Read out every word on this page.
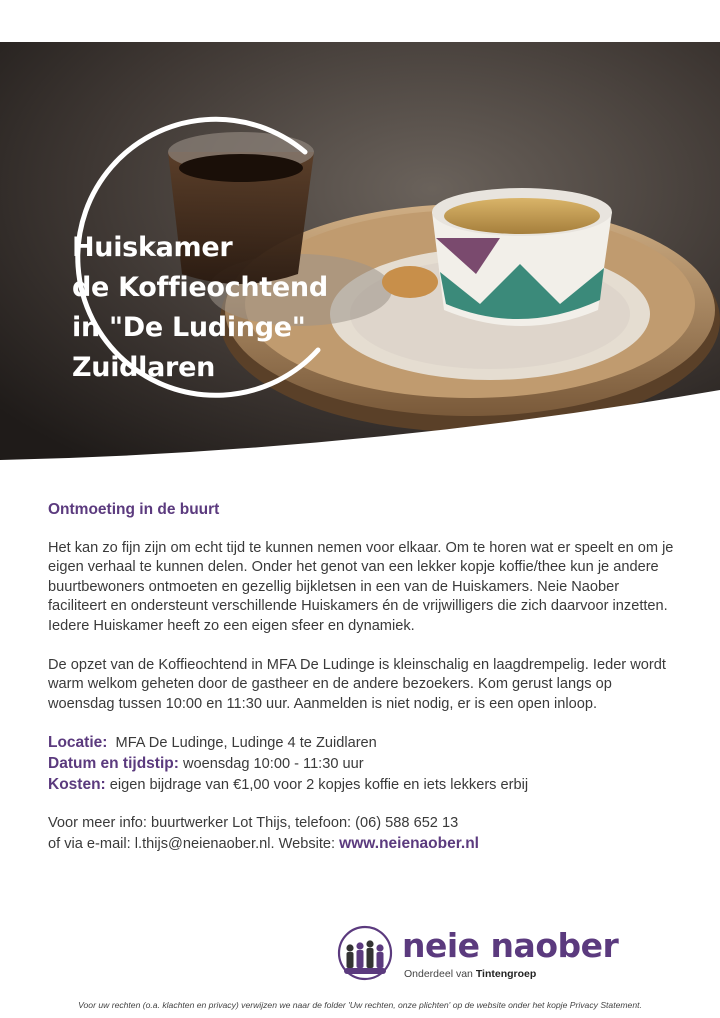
Huiskamer
de Koffieochtend
in "De Ludinge"
Zuidlaren
Ontmoeting in de buurt
Het kan zo fijn zijn om echt tijd te kunnen nemen voor elkaar. Om te horen wat er speelt en om je eigen verhaal te kunnen delen. Onder het genot van een lekker kopje koffie/thee kun je andere buurtbewoners ontmoeten en gezellig bijkletsen in een van de Huiskamers. Neie Naober faciliteert en ondersteunt verschillende Huiskamers én de vrijwilligers die zich daarvoor inzetten. Iedere Huiskamer heeft zo een eigen sfeer en dynamiek.
De opzet van de Koffieochtend in MFA De Ludinge is kleinschalig en laagdrempelig. Ieder wordt warm welkom geheten door de gastheer en de andere bezoekers. Kom gerust langs op woensdag tussen 10:00 en 11:30 uur. Aanmelden is niet nodig, er is een open inloop.
Locatie: MFA De Ludinge, Ludinge 4 te Zuidlaren
Datum en tijdstip: woensdag 10:00 - 11:30 uur
Kosten: eigen bijdrage van €1,00 voor 2 kopjes koffie en iets lekkers erbij
Voor meer info: buurtwerker Lot Thijs, telefoon: (06) 588 652 13
of via e-mail: l.thijs@neienaober.nl. Website: www.neienaober.nl
neie naober
Onderdeel van Tintengroep
Voor uw rechten (o.a. klachten en privacy) verwijzen we naar de folder 'Uw rechten, onze plichten' op de website onder het kopje Privacy Statement.
